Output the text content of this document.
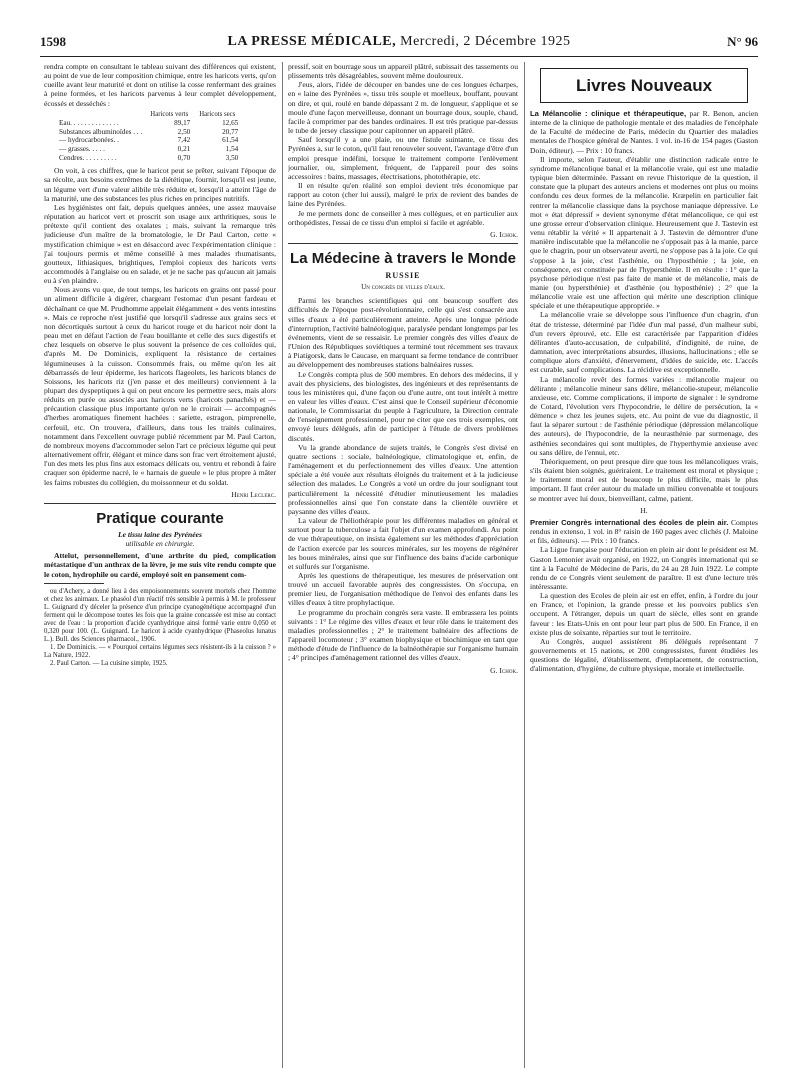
1598	LA PRESSE MÉDICALE, Mercredi, 2 Décembre 1925	N° 96

rendra compte en consultant le tableau suivant des différences qui existent, au point de vue de leur composition chimique, entre les haricots verts, qu'on cueille avant leur maturité et dont on utilise la cosse renfermant des graines à peine formées, et les haricots parvenus à leur complet développement, écossés et desséchés :

	Haricots verts	Haricots secs
Eau. . . . . . . . . . . . . .	89,17	12,65
Substances albuminoïdes . . .	2,50	20,77
— hydrocarbonées. .	7,42	61,54
— grasses. . . . .	0,21	1,54
Cendres. . . . . . . . . .	0,70	3,50

On voit, à ces chiffres, que le haricot peut se prêter, suivant l'époque de sa récolte, aux besoins extrêmes de la diététique, fournir, lorsqu'il est jeune, un légume vert d'une valeur alibile très réduite et, lorsqu'il a atteint l'âge de la maturité, une des substances les plus riches en principes nutritifs.

Les hygiénistes ont fait, depuis quelques années, une assez mauvaise réputation au haricot vert et proscrit son usage aux arthritiques, sous le prétexte qu'il contient des oxalates ; mais, suivant la remarque très judicieuse d'un maître de la bromatologie, le Dr Paul Carton, cette « mystification chimique » est en désaccord avec l'expérimentation clinique : j'ai toujours permis et même conseillé à mes malades rhumatisants, goutteux, lithiasiques, brightiques, l'emploi copieux des haricots verts accommodés à l'anglaise ou en salade, et je ne sache pas qu'aucun ait jamais eu à s'en plaindre.

Nous avons vu que, de tout temps, les haricots en grains ont passé pour un aliment difficile à digérer, chargeant l'estomac d'un pesant fardeau et déchaînant ce que M. Prudhomme appelait élégamment « des vents intestins ». Mais ce reproche n'est justifié que lorsqu'il s'adresse aux grains secs et non décortiqués surtout à ceux du haricot rouge et du haricot noir dont la peau met en défaut l'action de l'eau bouillante et celle des sucs digestifs et chez lesquels on observe le plus souvent la présence de ces colloïdes qui, d'après M. De Dominicis, expliquent la résistance de certaines légumineuses à la cuisson. Consommés frais, ou même qu'on les ait débarrassés de leur épiderme, les haricots flageolets, les haricots blancs de Soissons, les haricots riz (j'en passe et des meilleurs) conviennent à la plupart des dyspeptiques à qui on peut encore les permettre secs, mais alors réduits en purée ou associés aux haricots verts (haricots panachés) et — précaution classique plus importante qu'on ne le croirait — accompagnés d'herbes aromatiques finement hachées : sariette, estragon, pimprenelle, cerfeuil, etc. On trouvera, d'ailleurs, dans tous les traités culinaires, notamment dans l'excellent ouvrage publié récemment par M. Paul Carton, de nombreux moyens d'accommoder selon l'art ce précieux légume qui peut alternativement offrir, élégant et mince dans son frac vert étroitement ajusté, l'un des mets les plus fins aux estomacs délicats ou, ventru et rebondi à faire craquer son épiderme nacré, le « harnais de gueule » le plus propre à mâter les faims robustes du collégien, du moissonneur et du soldat.

Henri Leclerc.
Pratique courante
Le tissu laine des Pyrénées
utilisable en chirurgie.

Attelut, personnellement, d'une arthrite du pied, complication métastatique d'un anthrax de la lèvre, je me suis vite rendu compte que le coton, hydrophile ou cardé, employé soit en pansement com-

ou d'Achery, a donné lieu à des empoisonnements souvent mortels chez l'homme et chez les animaux. Le phaséol d'un réactif très sensible à permis à M. le professeur L. Guignard d'y déceler la présence d'un principe cyanogénétique accompagné d'un ferment qui le décompose toutes les fois que la graine concassée est mise au contact avec de l'eau : la proportion d'acide cyanhydrique ainsi formé varie entre 0,050 et 0,320 pour 100. (L. Guignard. Le haricot à acide cyanhydrique (Phaseolus lunatus L.). Bull. des Sciences pharmacol., 1906.

1. De Dominicis. — « Pourquoi certains légumes secs résistent-ils à la cuisson ? » La Nature, 1922.

2. Paul Carton. — La cuisine simple, 1925.

pressif, soit en bourrage sous un appareil plâtré, subissait des tassements ou plissements très désagréables, souvent même douloureux.

J'eus, alors, l'idée de découper en bandes une de ces longues écharpes, en « laine des Pyrénées », tissu très souple et moelleux, bouffant, pouvant on dire, et qui, roulé en bande dépassant 2 m. de longueur, s'applique et se moule d'une façon merveilleuse, donnant un bourrage doux, souple, chaud, facile à comprimer par des bandes ordinaires. Il est très pratique par-dessus le tube de jersey classique pour capitonner un appareil plâtré.

Sauf lorsqu'il y a une plaie, ou une fistule suintante, ce tissu des Pyrénées a, sur le coton, qu'il faut renouveler souvent, l'avantage d'être d'un emploi presque indéfini, lorsque le traitement comporte l'enlèvement journalier, ou, simplement, fréquent, de l'appareil pour des soins accessoires : bains, massages, électrisations, photothérapie, etc.

Il en résulte qu'en réalité son emploi devient très économique par rapport au coton (cher lui aussi), malgré le prix de revient des bandes de laine des Pyrénées.

Je me permets donc de conseiller à mes collègues, et en particulier aux orthopédistes, l'essai de ce tissu d'un emploi si facile et agréable.

G. Ichok.
La Médecine à travers le Monde
RUSSIE
Un congrès de villes d'eaux.

Parmi les branches scientifiques qui ont beaucoup souffert des difficultés de l'époque post-révolutionnaire, celle qui s'est consacrée aux villes d'eaux a été particulièrement atteinte. Après une longue période d'interruption, l'activité balnéologique, paralysée pendant longtemps par les événements, vient de se ressaisir. Le premier congrès des villes d'eaux de l'Union des Républiques soviétiques a terminé tout récemment ses travaux à Piatigorsk, dans le Caucase, en marquant sa ferme tendance de contribuer au développement des nombreuses stations balnéaires russes.

Le Congrès compta plus de 500 membres. En dehors des médecins, il y avait des physiciens, des biologistes, des ingénieurs et des représentants de tous les ministères qui, d'une façon ou d'une autre, ont tout intérêt à mettre en valeur les villes d'eaux. C'est ainsi que le Conseil supérieur d'économie nationale, le Commissariat du peuple à l'agriculture, la Direction centrale de l'enseignement professionnel, pour ne citer que ces trois exemples, ont envoyé leurs délégués, afin de participer à l'étude de divers problèmes discutés.

Vu la grande abondance de sujets traités, le Congrès s'est divisé en quatre sections : sociale, balnéologique, climatologique et, enfin, de l'aménagement et du perfectionnement des villes d'eaux. Une attention spéciale a été vouée aux résultats éloignés du traitement et à la judicieuse sélection des malades. Le Congrès a voté un ordre du jour soulignant tout particulièrement la nécessité d'étudier minutieusement les maladies professionnelles ainsi que l'on constate dans la clientèle ouvrière et paysanne des villes d'eaux.

La valeur de l'héliothérapie pour les différentes maladies en général et surtout pour la tuberculose a fait l'objet d'un examen approfondi. Au point de vue thérapeutique, on insista également sur les méthodes d'appréciation de l'action exercée par les sources minérales, sur les moyens de régénérer les boues minérales, ainsi que sur l'influence des bains d'acide carbonique et sulfurés sur l'organisme.

Après les questions de thérapeutique, les mesures de préservation ont trouvé un accueil favorable auprès des congressistes. On s'occupa, en premier lieu, de l'organisation méthodique de l'envoi des enfants dans les villes d'eaux à titre prophylactique.

Le programme du prochain congrès sera vaste. Il embrassera les points suivants : 1° Le régime des villes d'eaux et leur rôle dans le traitement des maladies professionnelles ; 2° le traitement balnéaire des affections de l'appareil locomoteur ; 3° examen biophysique et biochimique en tant que méthode d'étude de l'influence de la balnéothérapie sur l'organisme humain ; 4° principes d'aménagement rationnel des villes d'eaux.

G. Ichok.
Livres Nouveaux

La Mélancolie : clinique et thérapeutique, par R. Benon, ancien interne de la clinique de pathologie mentale et des maladies de l'encéphale de la Faculté de médecine de Paris, médecin du Quartier des maladies mentales de l'hospice général de Nantes. 1 vol. in-16 de 154 pages (Gaston Doin, éditeur). — Prix : 10 francs.

Il importe, selon l'auteur, d'établir une distinction radicale entre le syndrome mélancolique banal et la mélancolie vraie, qui est une maladie typique bien déterminée. Passant en revue l'historique de la question, il constate que la plupart des auteurs anciens et modernes ont plus ou moins confondu ces deux formes de la mélancolie. Kræpelin en particulier fait rentrer la mélancolie classique dans la psychose maniaque dépressive. Le mot « état dépressif » devient synonyme d'état mélancolique, ce qui est une grosse erreur d'observation clinique. Heureusement que J. Tastevin est venu rétablir la vérité « Il appartenait à J. Tastevin de démontrer d'une manière indiscutable que la mélancolie ne s'opposait pas à la manie, parce que le chagrin, pour un observateur averti, ne s'oppose pas à la joie. Ce qui s'oppose à la joie, c'est l'asthénie, ou l'hyposthénie ; la joie, en conséquence, est constituée par de l'hypersthénie. Il en résulte : 1° que la psychose périodique n'est pas faite de manie et de mélancolie, mais de manie (ou hypersthénie) et d'asthénie (ou hyposthénie) ; 2° que la mélancolie vraie est une affection qui mérite une description clinique spéciale et une thérapeutique appropriée. »

La mélancolie vraie se développe sous l'influence d'un chagrin, d'un état de tristesse, déterminé par l'idée d'un mal passé, d'un malheur subi, d'un revers éprouvé, etc. Elle est caractérisée par l'apparition d'idées délirantes d'auto-accusation, de culpabilité, d'indignité, de ruine, de damnation, avec interprétations absurdes, illusions, hallucinations ; elle se complique alors d'anxiété, d'énervement, d'idées de suicide, etc. L'accès est curable, sauf complications. La récidive est exceptionnelle.

La mélancolie revêt des formes variées : mélancolie majeur ou délirante ; mélancolie mineur sans délire, mélancolie-stupeur, mélancolie anxieuse, etc. Comme complications, il importe de signaler : le syndrome de Cotard, l'évolution vers l'hypocondrie, le délire de persécution, la « démence » chez les jeunes sujets, etc. Au point de vue du diagnostic, il faut la séparer surtout : de l'asthénie périodique (dépression mélancolique des auteurs), de l'hypocondrie, de la neurasthénie par surmenage, des asthénies secondaires qui sont multiples, de l'hyperthymie anxieuse avec ou sans délire, de l'ennui, etc.

Théoriquement, on peut presque dire que tous les mélancoliques vrais, s'ils étaient bien soignés, guériraient. Le traitement est moral et physique ; le traitement moral est de beaucoup le plus difficile, mais le plus important. Il faut créer autour du malade un milieu convenable et toujours se montrer avec lui doux, bienveillant, calme, patient.

H.

Premier Congrès international des écoles de plein air. Comptes rendus in extenso, 1 vol. in 8° raisin de 160 pages avec clichés (J. Maloine et fils, éditeurs). — Prix : 10 francs.

La Ligue française pour l'éducation en plein air dont le président est M. Gaston Lemonier avait organisé, en 1922, un Congrès international qui se tint à la Faculté de Médecine de Paris, du 24 au 28 Juin 1922. Le compte rendu de ce Congrès vient seulement de paraître. Il est d'une lecture très intéressante.

La question des Ecoles de plein air est en effet, enfin, à l'ordre du jour en France, et l'opinion, la grande presse et les pouvoirs publics s'en occupent. A l'étranger, depuis un quart de siècle, elles sont en grande faveur : les Etats-Unis en ont pour leur part plus de 500. En France, il en existe plus de soixante, réparties sur tout le territoire.

Au Congrès, auquel assistèrent 86 délégués représentant 7 gouvernements et 15 nations, et 200 congressistes, furent étudiées les questions de légalité, d'établissement, d'emplacement, de construction, d'alimentation, d'hygiène, de culture physique, morale et intellectuelle.
